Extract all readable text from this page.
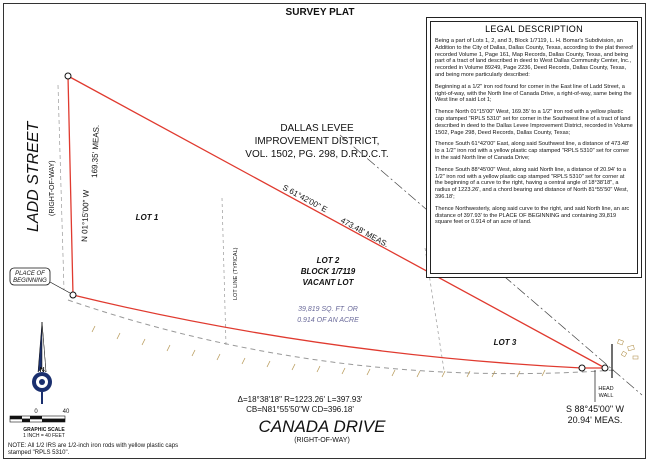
SURVEY PLAT
LADD STREET (RIGHT-OF-WAY)	N 01°15'00" W
169.35' MEAS.	DALLAS LEVEE
IMPROVEMENT DISTRICT,
VOL. 1502, PG. 298, D.R.D.C.T.
S 61°42'00" E
473.48' MEAS.
LOT 1
LOT LINE (TYPICAL)	LOT 2
BLOCK 1/7119
VACANT LOT
39,819 SQ. FT. OR
0.914 OF AN ACRE
LOT 3
PLACE OF
BEGINNING
HEAD
WALL
Δ=18°38'18" R=1223.26' L=397.93'
CB=N81°55'50"W CD=396.18'
CANADA DRIVE
(RIGHT-OF-WAY)
S 88°45'00" W
20.94' MEAS.
N
0	40
GRAPHIC SCALE
1 INCH = 40 FEET
LEGAL DESCRIPTION

Being a part of Lots 1, 2, and 3, Block 1/7119, L. H. Bomar's Subdivision, an Addition to the City of Dallas, Dallas County, Texas, according to the plat thereof recorded Volume 1, Page 161, Map Records, Dallas County, Texas, and being part of a tract of land described in deed to West Dallas Community Center, Inc., recorded in Volume 89249, Page 2236, Deed Records, Dallas County, Texas, and being more particularly described:

Beginning at a 1/2" iron rod found for corner in the East line of Ladd Street, a right-of-way, with the North line of Canada Drive, a right-of-way, same being the West line of said Lot 1;

Thence North 01°15'00" West, 169.35' to a 1/2" iron rod with a yellow plastic cap stamped "RPLS 5310" set for corner in the Southwest line of a tract of land described in deed to the Dallas Levee Improvement District, recorded in Volume 1502, Page 298, Deed Records, Dallas County, Texas;

Thence South 61°42'00" East, along said Southwest line, a distance of 473.48' to a 1/2" iron rod with a yellow plastic cap stamped "RPLS 5310" set for corner in the said North line of Canada Drive;

Thence South 88°45'00" West, along said North line, a distance of 20.94' to a 1/2" iron rod with a yellow plastic cap stamped "RPLS 5310" set for corner at the beginning of a curve to the right, having a central angle of 18°38'18", a radius of 1223.26', and a chord bearing and distance of North 81°55'50" West, 396.18';

Thence Northwesterly, along said curve to the right, and said North line, an arc distance of 397.93' to the PLACE OF BEGINNING and containing 39,819 square feet or 0.914 of an acre of land.

NOTE: All 1/2 IRS are 1/2-inch iron rods with yellow plastic caps stamped "RPLS 5310".
